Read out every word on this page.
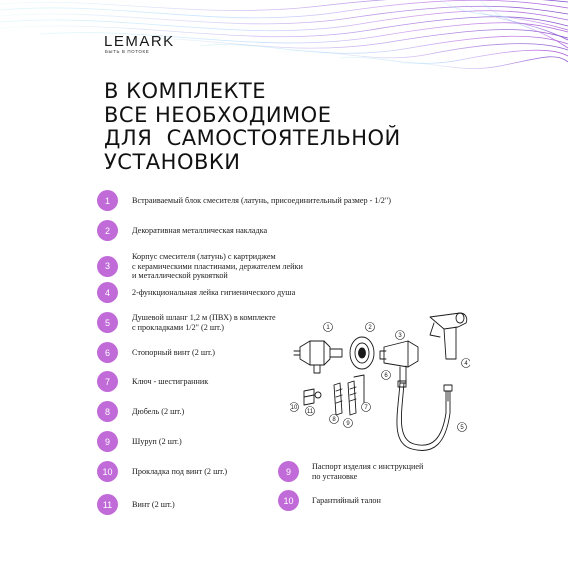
LEMARK
БЫТЬ В ПОТОКЕ
В КОМПЛЕКТЕ
ВСЕ НЕОБХОДИМОЕ
ДЛЯ  САМОСТОЯТЕЛЬНОЙ
УСТАНОВКИ
1	Встраиваемый блок смесителя (латунь, присоединительный размер - 1/2")
2	Декоративная металлическая накладка
3
Корпус смесителя (латунь) с картриджем
с керамическими пластинами, держателем лейки
и металлической рукояткой
4	2-функциональная лейка гигиенического душа
5	Душевой шланг 1,2 м (ПВХ) в комплекте
с прокладками 1/2" (2 шт.)
6	Стопорный винт (2 шт.)
7	Ключ - шестигранник
8	Дюбель (2 шт.)
9	Шуруп (2 шт.)
10	Прокладка под винт (2 шт.)
11	Винт (2 шт.)
9	Паспорт изделия с инструкцией
по установке
10	Гарантийный талон
10
11
8
9
7
1	2
3
4
5
6
